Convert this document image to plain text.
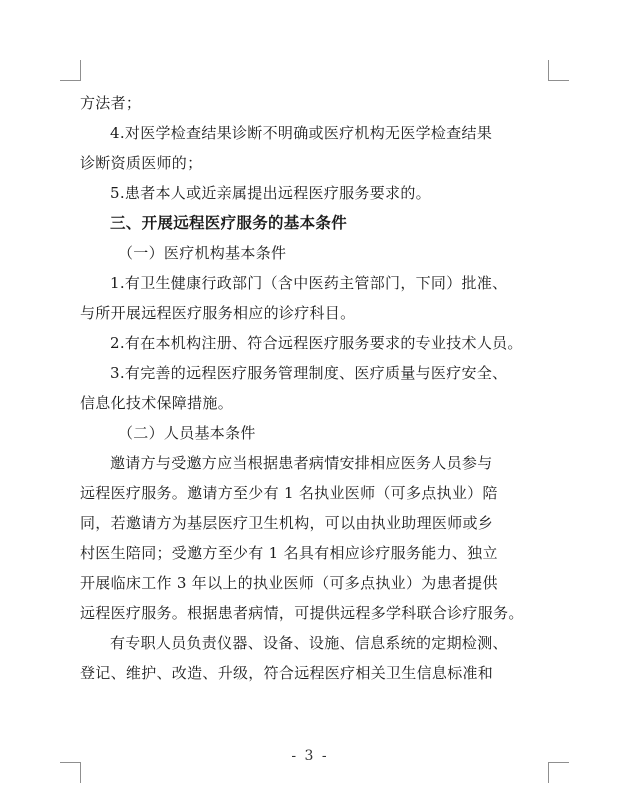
方法者；
4.对医学检查结果诊断不明确或医疗机构无医学检查结果
诊断资质医师的；
5.患者本人或近亲属提出远程医疗服务要求的。
三、开展远程医疗服务的基本条件
（一）医疗机构基本条件
1.有卫生健康行政部门（含中医药主管部门，下同）批准、
与所开展远程医疗服务相应的诊疗科目。
2.有在本机构注册、符合远程医疗服务要求的专业技术人员。
3.有完善的远程医疗服务管理制度、医疗质量与医疗安全、
信息化技术保障措施。
（二）人员基本条件
邀请方与受邀方应当根据患者病情安排相应医务人员参与
远程医疗服务。邀请方至少有 1 名执业医师（可多点执业）陪
同，若邀请方为基层医疗卫生机构，可以由执业助理医师或乡
村医生陪同；受邀方至少有 1 名具有相应诊疗服务能力、独立
开展临床工作 3 年以上的执业医师（可多点执业）为患者提供
远程医疗服务。根据患者病情，可提供远程多学科联合诊疗服务。
有专职人员负责仪器、设备、设施、信息系统的定期检测、
登记、维护、改造、升级，符合远程医疗相关卫生信息标准和
- 3 -
